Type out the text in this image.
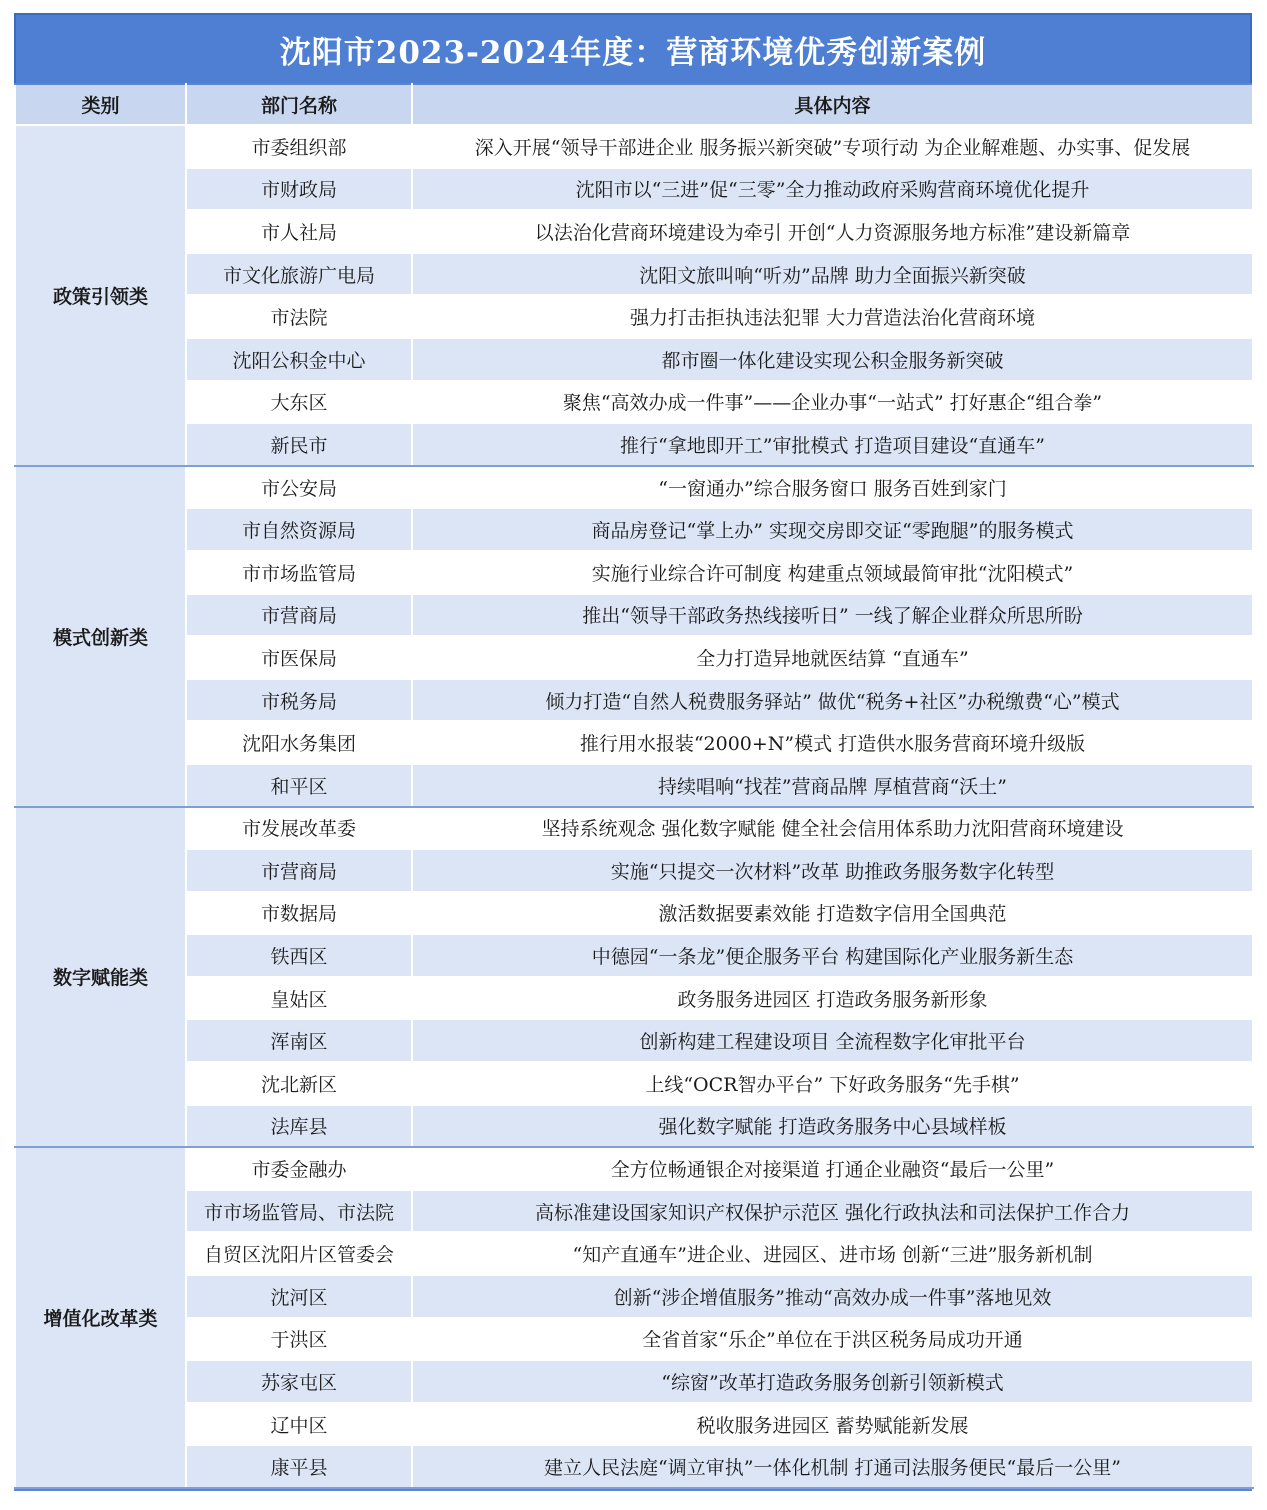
沈阳市2023-2024年度：营商环境优秀创新案例
类别	部门名称	具体内容
政策引领类	市委组织部	深入开展“领导干部进企业 服务振兴新突破”专项行动 为企业解难题、办实事、促发展
	市财政局	沈阳市以“三进”促“三零”全力推动政府采购营商环境优化提升
	市人社局	以法治化营商环境建设为牵引 开创“人力资源服务地方标准”建设新篇章
	市文化旅游广电局	沈阳文旅叫响“听劝”品牌 助力全面振兴新突破
	市法院	强力打击拒执违法犯罪 大力营造法治化营商环境
	沈阳公积金中心	都市圈一体化建设实现公积金服务新突破
	大东区	聚焦“高效办成一件事”——企业办事“一站式” 打好惠企“组合拳”
	新民市	推行“拿地即开工”审批模式 打造项目建设“直通车”
模式创新类	市公安局	“一窗通办”综合服务窗口 服务百姓到家门
	市自然资源局	商品房登记“掌上办” 实现交房即交证“零跑腿”的服务模式
	市市场监管局	实施行业综合许可制度 构建重点领域最简审批“沈阳模式”
	市营商局	推出“领导干部政务热线接听日” 一线了解企业群众所思所盼
	市医保局	全力打造异地就医结算 “直通车”
	市税务局	倾力打造“自然人税费服务驿站” 做优“税务+社区”办税缴费“心”模式
	沈阳水务集团	推行用水报装“2000+N”模式 打造供水服务营商环境升级版
	和平区	持续唱响“找茬”营商品牌 厚植营商“沃土”
数字赋能类	市发展改革委	坚持系统观念 强化数字赋能 健全社会信用体系助力沈阳营商环境建设
	市营商局	实施“只提交一次材料”改革 助推政务服务数字化转型
	市数据局	激活数据要素效能 打造数字信用全国典范
	铁西区	中德园“一条龙”便企服务平台 构建国际化产业服务新生态
	皇姑区	政务服务进园区 打造政务服务新形象
	浑南区	创新构建工程建设项目 全流程数字化审批平台
	沈北新区	上线“OCR智办平台” 下好政务服务“先手棋”
	法库县	强化数字赋能 打造政务服务中心县域样板
增值化改革类	市委金融办	全方位畅通银企对接渠道 打通企业融资“最后一公里”
	市市场监管局、市法院	高标准建设国家知识产权保护示范区 强化行政执法和司法保护工作合力
	自贸区沈阳片区管委会	“知产直通车”进企业、进园区、进市场 创新“三进”服务新机制
	沈河区	创新“涉企增值服务”推动“高效办成一件事”落地见效
	于洪区	全省首家“乐企”单位在于洪区税务局成功开通
	苏家屯区	“综窗”改革打造政务服务创新引领新模式
	辽中区	税收服务进园区 蓄势赋能新发展
	康平县	建立人民法庭“调立审执”一体化机制 打通司法服务便民“最后一公里”
